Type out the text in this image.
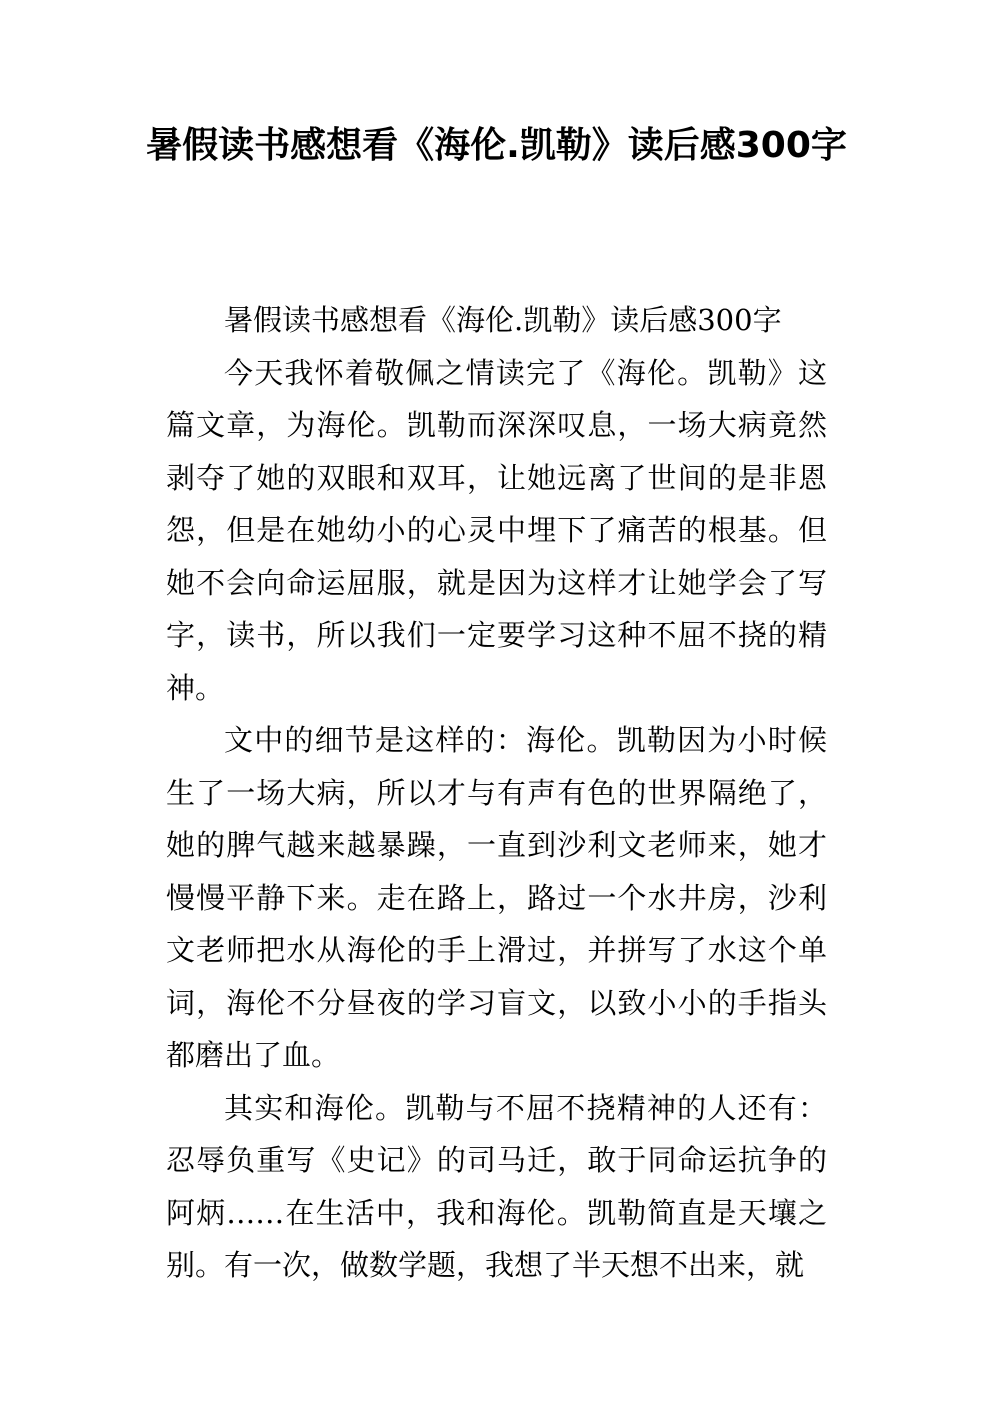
暑假读书感想看《海伦.凯勒》读后感300字

暑假读书感想看《海伦.凯勒》读后感300字

今天我怀着敬佩之情读完了《海伦。凯勒》这篇文章，为海伦。凯勒而深深叹息，一场大病竟然剥夺了她的双眼和双耳，让她远离了世间的是非恩怨，但是在她幼小的心灵中埋下了痛苦的根基。但她不会向命运屈服，就是因为这样才让她学会了写字，读书，所以我们一定要学习这种不屈不挠的精神。

文中的细节是这样的：海伦。凯勒因为小时候生了一场大病，所以才与有声有色的世界隔绝了，她的脾气越来越暴躁，一直到沙利文老师来，她才慢慢平静下来。走在路上，路过一个水井房，沙利文老师把水从海伦的手上滑过，并拼写了水这个单词，海伦不分昼夜的学习盲文，以致小小的手指头都磨出了血。

其实和海伦。凯勒与不屈不挠精神的人还有：忍辱负重写《史记》的司马迁，敢于同命运抗争的阿炳……在生活中，我和海伦。凯勒简直是天壤之别。有一次，做数学题，我想了半天想不出来，就
